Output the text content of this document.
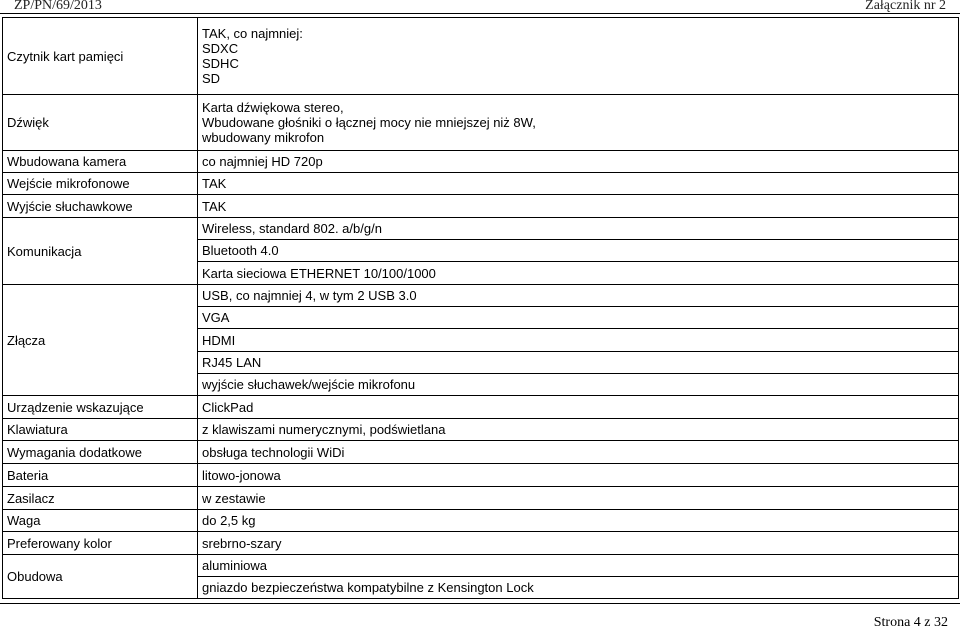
ZP/PN/69/2013	Załącznik nr 2
Czytnik kart pamięci	TAK, co najmniej:
SDXC
SDHC
SD

Dźwięk	Karta dźwiękowa stereo,
Wbudowane głośniki o łącznej mocy nie mniejszej niż 8W,
wbudowany mikrofon

Wbudowana kamera	co najmniej HD 720p
Wejście mikrofonowe	TAK
Wyjście słuchawkowe	TAK
Komunikacja	Wireless, standard 802. a/b/g/n
	Bluetooth 4.0
	Karta sieciowa ETHERNET 10/100/1000
Złącza	USB, co najmniej 4, w tym 2 USB 3.0
	VGA
	HDMI
	RJ45 LAN
	wyjście słuchawek/wejście mikrofonu
Urządzenie wskazujące	ClickPad
Klawiatura	z klawiszami numerycznymi, podświetlana
Wymagania dodatkowe	obsługa technologii WiDi
Bateria	litowo-jonowa
Zasilacz	w zestawie
Waga	do 2,5 kg
Preferowany kolor	srebrno-szary
Obudowa	aluminiowa
	gniazdo bezpieczeństwa kompatybilne z Kensington Lock
Strona 4 z 32
